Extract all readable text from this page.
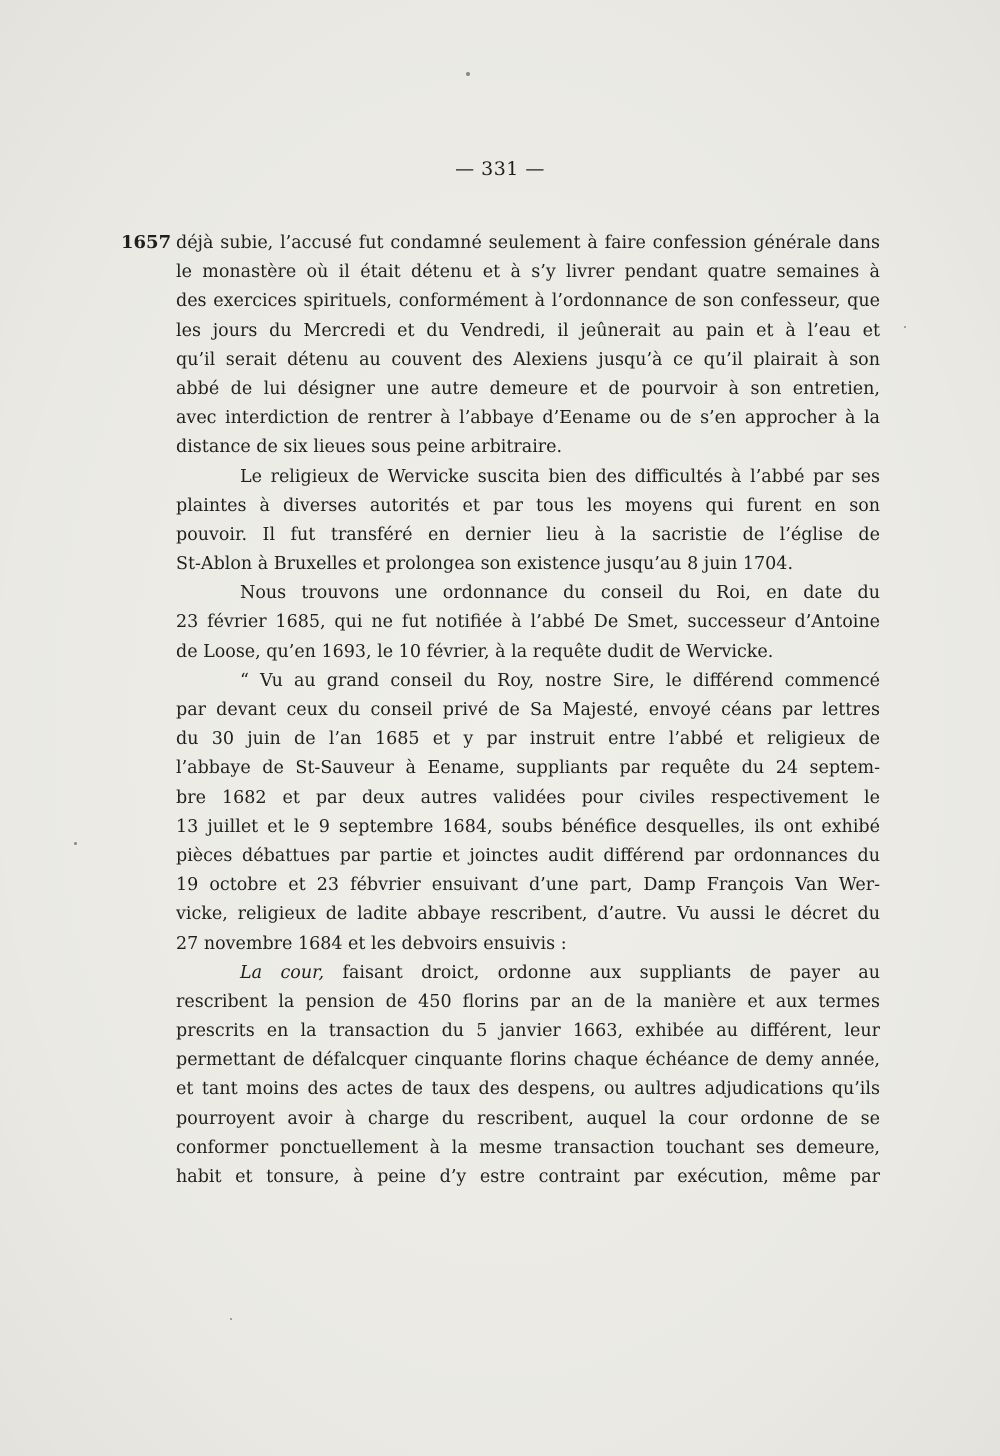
— 331 —
1657 déjà subie, l’accusé fut condamné seulement à faire confession générale dans
le monastère où il était détenu et à s’y livrer pendant quatre semaines à
des exercices spirituels, conformément à l’ordonnance de son confesseur, que
les jours du Mercredi et du Vendredi, il jeûnerait au pain et à l’eau et
qu’il serait détenu au couvent des Alexiens jusqu’à ce qu’il plairait à son
abbé de lui désigner une autre demeure et de pourvoir à son entretien,
avec interdiction de rentrer à l’abbaye d’Eename ou de s’en approcher à la
distance de six lieues sous peine arbitraire.
Le religieux de Wervicke suscita bien des difficultés à l’abbé par ses
plaintes à diverses autorités et par tous les moyens qui furent en son
pouvoir. Il fut transféré en dernier lieu à la sacristie de l’église de
St-Ablon à Bruxelles et prolongea son existence jusqu’au 8 juin 1704.
Nous trouvons une ordonnance du conseil du Roi, en date du
23 février 1685, qui ne fut notifiée à l’abbé De Smet, successeur d’Antoine
de Loose, qu’en 1693, le 10 février, à la requête dudit de Wervicke.
“ Vu au grand conseil du Roy, nostre Sire, le différend commencé
par devant ceux du conseil privé de Sa Majesté, envoyé céans par lettres
du 30 juin de l’an 1685 et y par instruit entre l’abbé et religieux de
l’abbaye de St-Sauveur à Eename, suppliants par requête du 24 septem-
bre 1682 et par deux autres validées pour civiles respectivement le
13 juillet et le 9 septembre 1684, soubs bénéfice desquelles, ils ont exhibé
pièces débattues par partie et joinctes audit différend par ordonnances du
19 octobre et 23 fébvrier ensuivant d’une part, Damp François Van Wer-
vicke, religieux de ladite abbaye rescribent, d’autre. Vu aussi le décret du
27 novembre 1684 et les debvoirs ensuivis :
La cour, faisant droict, ordonne aux suppliants de payer au
rescribent la pension de 450 florins par an de la manière et aux termes
prescrits en la transaction du 5 janvier 1663, exhibée au différent, leur
permettant de défalcquer cinquante florins chaque échéance de demy année,
et tant moins des actes de taux des despens, ou aultres adjudications qu’ils
pourroyent avoir à charge du rescribent, auquel la cour ordonne de se
conformer ponctuellement à la mesme transaction touchant ses demeure,
habit et tonsure, à peine d’y estre contraint par exécution, même par
